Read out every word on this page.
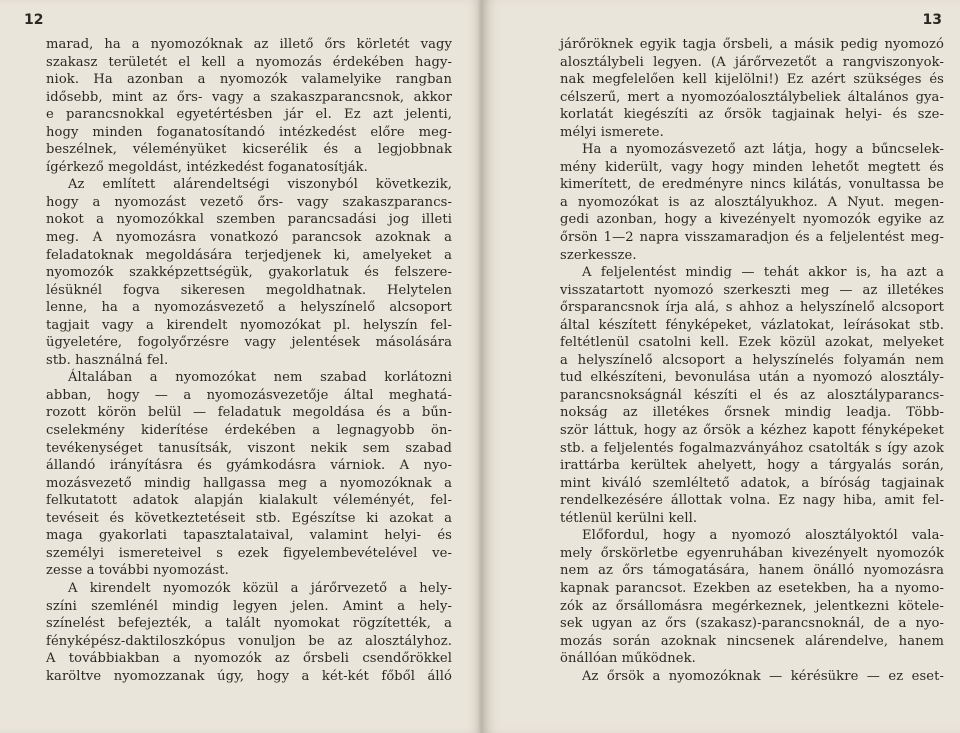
12
marad, ha a nyomozóknak az illető őrs körletét vagy
szakasz területét el kell a nyomozás érdekében hagy-
niok. Ha azonban a nyomozók valamelyike rangban
idősebb, mint az őrs- vagy a szakaszparancsnok, akkor
e parancsnokkal egyetértésben jár el. Ez azt jelenti,
hogy minden foganatosítandó intézkedést előre meg-
beszélnek, véleményüket kicserélik és a legjobbnak
ígérkező megoldást, intézkedést foganatosítják.
Az említett alárendeltségi viszonyból következik,
hogy a nyomozást vezető őrs- vagy szakaszparancs-
nokot a nyomozókkal szemben parancsadási jog illeti
meg. A nyomozásra vonatkozó parancsok azoknak a
feladatoknak megoldására terjedjenek ki, amelyeket a
nyomozók szakképzettségük, gyakorlatuk és felszere-
lésüknél fogva sikeresen megoldhatnak. Helytelen
lenne, ha a nyomozásvezető a helyszínelő alcsoport
tagjait vagy a kirendelt nyomozókat pl. helyszín fel-
ügyeletére, fogolyőrzésre vagy jelentések másolására
stb. használná fel.
Általában a nyomozókat nem szabad korlátozni
abban, hogy — a nyomozásvezetője által meghatá-
rozott körön belül — feladatuk megoldása és a bűn-
cselekmény kiderítése érdekében a legnagyobb ön-
tevékenységet tanusítsák, viszont nekik sem szabad
állandó irányításra és gyámkodásra várniok. A nyo-
mozásvezető mindig hallgassa meg a nyomozóknak a
felkutatott adatok alapján kialakult véleményét, fel-
tevéseit és következtetéseit stb. Egészítse ki azokat a
maga gyakorlati tapasztalataival, valamint helyi- és
személyi ismereteivel s ezek figyelembevételével ve-
zesse a további nyomozást.
A kirendelt nyomozók közül a járőrvezető a hely-
színi szemlénél mindig legyen jelen. Amint a hely-
színelést befejezték, a talált nyomokat rögzítették, a
fényképész-daktiloszkópus vonuljon be az alosztályhoz.
A továbbiakban a nyomozók az őrsbeli csendőrökkel
karöltve nyomozzanak úgy, hogy a két-két főből álló
13
járőröknek egyik tagja őrsbeli, a másik pedig nyomozó
alosztálybeli legyen. (A járőrvezetőt a rangviszonyok-
nak megfelelően kell kijelölni!) Ez azért szükséges és
célszerű, mert a nyomozóalosztálybeliek általános gya-
korlatát kiegészíti az őrsök tagjainak helyi- és sze-
mélyi ismerete.
Ha a nyomozásvezető azt látja, hogy a bűncselek-
mény kiderült, vagy hogy minden lehetőt megtett és
kimerített, de eredményre nincs kilátás, vonultassa be
a nyomozókat is az alosztályukhoz. A Nyut. megen-
gedi azonban, hogy a kivezényelt nyomozók egyike az
őrsön 1—2 napra visszamaradjon és a feljelentést meg-
szerkessze.
A feljelentést mindig — tehát akkor is, ha azt a
visszatartott nyomozó szerkeszti meg — az illetékes
őrsparancsnok írja alá, s ahhoz a helyszínelő alcsoport
által készített fényképeket, vázlatokat, leírásokat stb.
feltétlenül csatolni kell. Ezek közül azokat, melyeket
a helyszínelő alcsoport a helyszínelés folyamán nem
tud elkészíteni, bevonulása után a nyomozó alosztály-
parancsnokságnál készíti el és az alosztályparancs-
nokság az illetékes őrsnek mindig leadja. Több-
ször láttuk, hogy az őrsök a kézhez kapott fényképeket
stb. a feljelentés fogalmazványához csatolták s így azok
irattárba kerültek ahelyett, hogy a tárgyalás során,
mint kiváló szemléltető adatok, a bíróság tagjainak
rendelkezésére állottak volna. Ez nagy hiba, amit fel-
tétlenül kerülni kell.
Előfordul, hogy a nyomozó alosztályoktól vala-
mely őrskörletbe egyenruhában kivezényelt nyomozók
nem az őrs támogatására, hanem önálló nyomozásra
kapnak parancsot. Ezekben az esetekben, ha a nyomo-
zók az őrsállomásra megérkeznek, jelentkezni kötele-
sek ugyan az őrs (szakasz)-parancsnoknál, de a nyo-
mozás során azoknak nincsenek alárendelve, hanem
önállóan működnek.
Az őrsök a nyomozóknak — kérésükre — ez eset-
